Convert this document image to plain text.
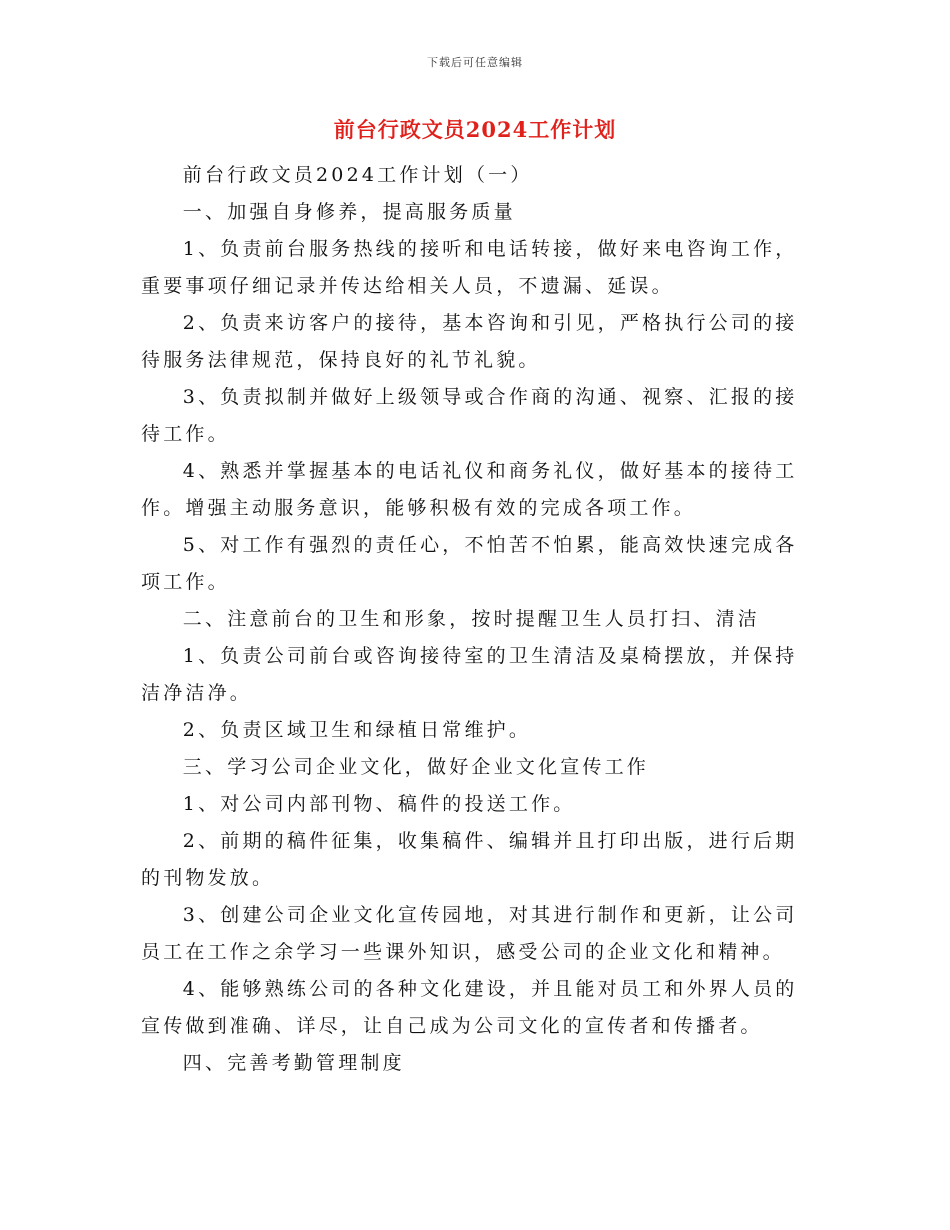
下载后可任意编辑
前台行政文员2024工作计划

前台行政文员2024工作计划（一）

一、加强自身修养，提高服务质量

1、负责前台服务热线的接听和电话转接，做好来电咨询工作，重要事项仔细记录并传达给相关人员，不遗漏、延误。

2、负责来访客户的接待，基本咨询和引见，严格执行公司的接待服务法律规范，保持良好的礼节礼貌。

3、负责拟制并做好上级领导或合作商的沟通、视察、汇报的接待工作。

4、熟悉并掌握基本的电话礼仪和商务礼仪，做好基本的接待工作。增强主动服务意识，能够积极有效的完成各项工作。

5、对工作有强烈的责任心，不怕苦不怕累，能高效快速完成各项工作。

二、注意前台的卫生和形象，按时提醒卫生人员打扫、清洁

1、负责公司前台或咨询接待室的卫生清洁及桌椅摆放，并保持洁净洁净。

2、负责区域卫生和绿植日常维护。

三、学习公司企业文化，做好企业文化宣传工作

1、对公司内部刊物、稿件的投送工作。

2、前期的稿件征集，收集稿件、编辑并且打印出版，进行后期的刊物发放。

3、创建公司企业文化宣传园地，对其进行制作和更新，让公司员工在工作之余学习一些课外知识，感受公司的企业文化和精神。

4、能够熟练公司的各种文化建设，并且能对员工和外界人员的宣传做到准确、详尽，让自己成为公司文化的宣传者和传播者。

四、完善考勤管理制度
